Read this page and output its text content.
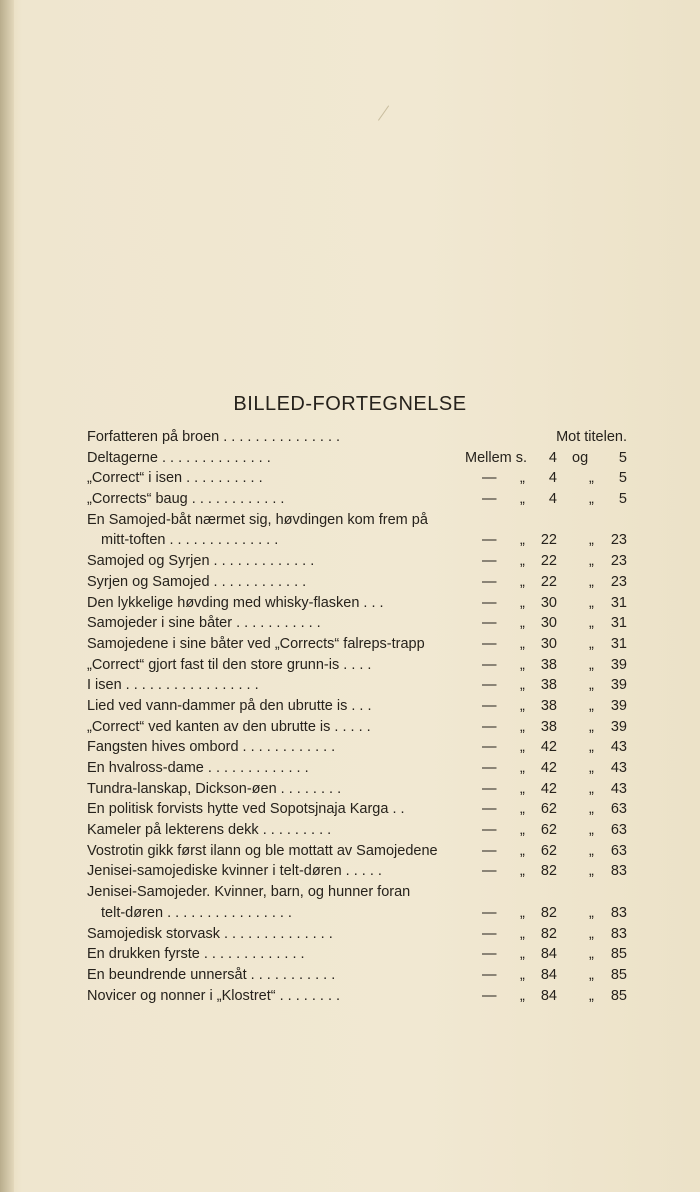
BILLED-FORTEGNELSE
Forfatteren på broen . . . . . . . . . . . . . . .	Mot titelen.
Deltagerne . . . . . . . . . . . . . .	Mellem s. 4 og 5
„Correct“ i isen . . . . . . . . . .	— „ 4 „ 5
„Corrects“ baug . . . . . . . . . . . .	— „ 4 „ 5
En Samojed-båt nærmet sig, høvdingen kom frem på
mitt-toften . . . . . . . . . . . . . .	— „ 22 „ 23
Samojed og Syrjen . . . . . . . . . . . . .	— „ 22 „ 23
Syrjen og Samojed . . . . . . . . . . . .	— „ 22 „ 23
Den lykkelige høvding med whisky-flasken . . .	— „ 30 „ 31
Samojeder i sine båter . . . . . . . . . . .	— „ 30 „ 31
Samojedene i sine båter ved „Corrects“ falreps-trapp	— „ 30 „ 31
„Correct“ gjort fast til den store grunn-is . . . .	— „ 38 „ 39
I isen . . . . . . . . . . . . . . . . .	— „ 38 „ 39
Lied ved vann-dammer på den ubrutte is . . .	— „ 38 „ 39
„Correct“ ved kanten av den ubrutte is . . . . .	— „ 38 „ 39
Fangsten hives ombord . . . . . . . . . . . .	— „ 42 „ 43
En hvalross-dame . . . . . . . . . . . . .	— „ 42 „ 43
Tundra-lanskap, Dickson-øen . . . . . . . .	— „ 42 „ 43
En politisk forvists hytte ved Sopotsjnaja Karga . .	— „ 62 „ 63
Kameler på lekterens dekk . . . . . . . . .	— „ 62 „ 63
Vostrotin gikk først ilann og ble mottatt av Samojedene	— „ 62 „ 63
Jenisei-samojediske kvinner i telt-døren . . . . .	— „ 82 „ 83
Jenisei-Samojeder. Kvinner, barn, og hunner foran
telt-døren . . . . . . . . . . . . . . . .	— „ 82 „ 83
Samojedisk storvask . . . . . . . . . . . . . .	— „ 82 „ 83
En drukken fyrste . . . . . . . . . . . . .	— „ 84 „ 85
En beundrende unnersåt . . . . . . . . . . .	— „ 84 „ 85
Novicer og nonner i „Klostret“ . . . . . . . .	— „ 84 „ 85
